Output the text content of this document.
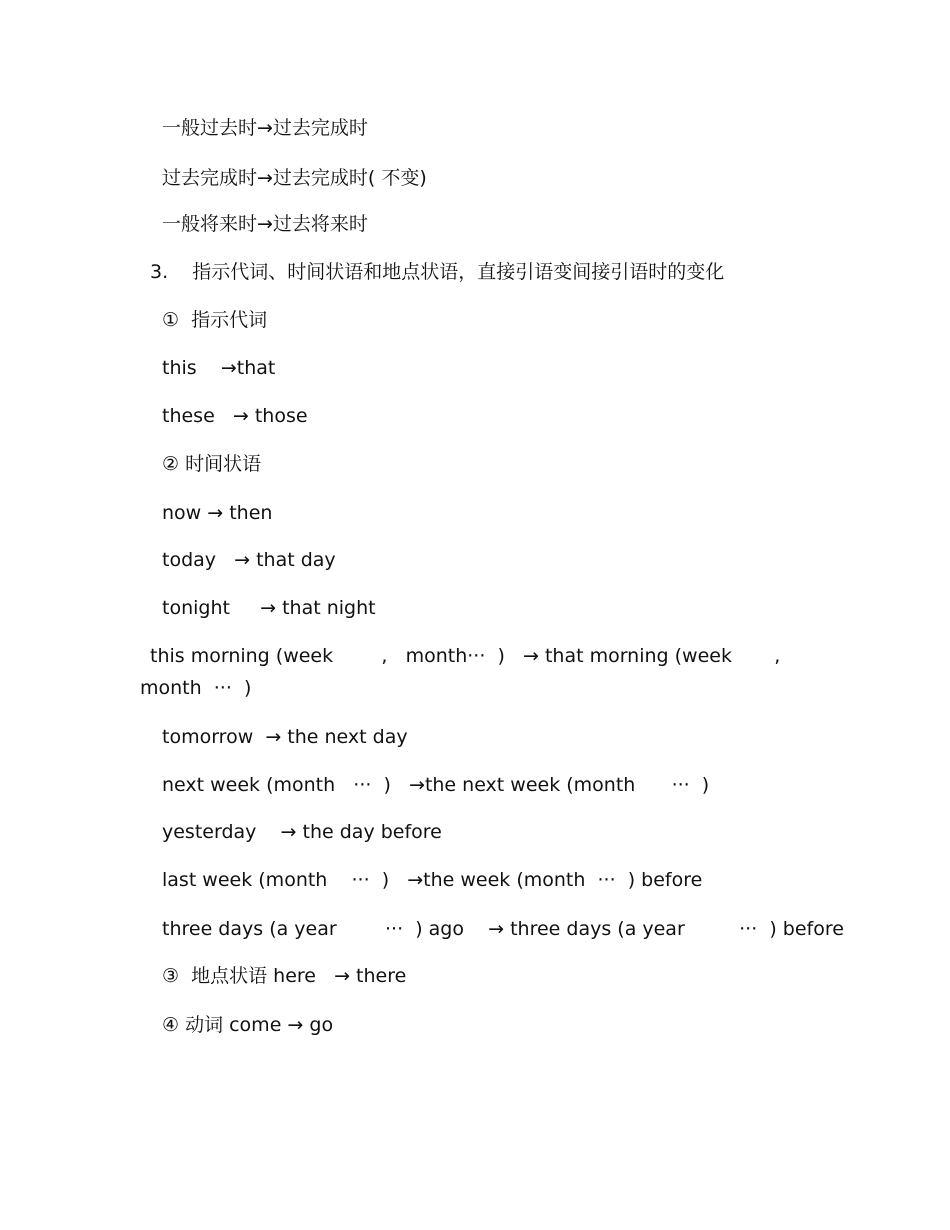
一般过去时→过去完成时
过去完成时→过去完成时( 不变)
一般将来时→过去将来时
3.    指示代词、时间状语和地点状语，直接引语变间接引语时的变化
①  指示代词
this    →that
these   → those
② 时间状语
now → then
today   → that day
tonight     → that night
this morning (week        ,   month···  )   → that morning (week       ,   month  ···  )
tomorrow  → the next day
next week (month   ···  )   →the next week (month      ···  )
yesterday    → the day before
last week (month    ···  )   →the week (month  ···  ) before
three days (a year        ···  ) ago    → three days (a year         ···  ) before
③  地点状语 here   → there
④ 动词 come → go
